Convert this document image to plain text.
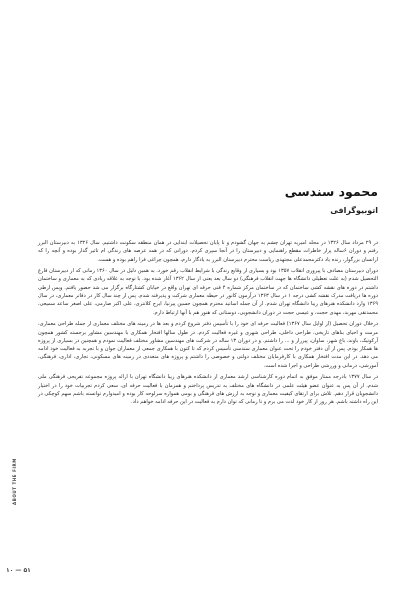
محمود سندسی
اتوبیوگرافی

در ۲۹ مرداد سال ۱۳۲۶ در محله امیریه تهران چشم به جهان گشودم و تا پایان تحصیلات ابتدایی در همان منطقه سکونت داشتیم. سال ۱۳۲۶ به دبیرستان البرز رفتم و دوران ۶ساله پراز خاطرات مقطع راهنمایی و دبیرستان را در آنجا سپری کردم. دورانی که در همه عرصه های زندگی ام تاثیر گذار بوده و آنچه را که ازانسان بزرگوار، زنده یاد دکترمحمدعلی مجتهدی ریاست محترم دبیرستان البرز به یادگار دارم، همچون چراغی فرا راهم بوده و هست.

دوران دبیرستان مصادف با پیروزی انقلاب ۱۳۵۷ بود و بسیاری از وقایع زندگی با شرایط انقلاب رقم خورد. به همین دلیل در سال ۱۳۶۰ زمانی که از دبیرستان فارغ التحصیل شدم (به علت تعطیلی دانشگاه ها جهت انقلاب فرهنگی) دو سال بعد یعنی از سال ۱۳۶۲ آغاز شده بود. با توجه به علاقه زیادی که به معماری و ساختمان داشتم در دوره های نقشه کشی ساختمان که در ساختمان مرکز شماره ۴ فنی حرفه ای تهران واقع در خیابان کشتارگاه برگزار می شد حضور یافتم. وپس ازطی دوره ها دریافت مدرک نقشه کشی درجه ۱ در سال ۱۳۶۳ درآزمون کانور در حیطه معماری شرکت و پذیرفته شدم. پس از چند سال کار در دفاتر معماری، در سال ۱۳۶۹ وارد دانشکده هنرهای زیبا دانشگاه تهران شدم. از آن جمله اساتید محترم همچون حسین پیرنیا، ایرج کلانتری، علی اکبر صارمی، علی اصغر ساعد سمیعی، محمدتقی مهربد، مهدی حجت، و عیسی حجت در دوران دانشجویی، دوستانی که هنوز هم با آنها ارتباط دارم.

درخلال دوران تحصیل (از اوایل سال ۱۳۶۷) فعالیت حرفه ای خود را با تأسیس دفتر شروع کردم و بعد ها در زمینه های مختلف معماری از جمله طراحی معماری، مرمت و احیای بناهای تاریخی، طراحی داخلی، طراحی شهری و غیره فعالیت کردم. در طول سالها افتخار همکاری با مهندسین مشاور برجسته کشور همچون آرکوتیک، باوند، باغ شهر، ساوان، پیرراز و ... را داشتم. و در دوران ۱۳ ساله در شرکت های مهندسین مشاور مختلف فعالیت نمودم و همچنین در بسیاری از پروژه ها همکار بودم. پس از آن دفتر خودم را تحت عنوان معماری سندسی تأسیس کردم که تا کنون با همکاری جمعی از معماران جوان و با تجربه به فعالیت خود ادامه می دهد. در این مدت افتخار همکاری با کارفرمایان مختلف دولتی و خصوصی را داشتم و پروژه های متعددی در زمینه های مسکونی، تجاری، اداری، فرهنگی، آموزشی، درمانی و ورزشی طراحی و اجرا شده است.

در سال ۱۳۷۷ بادرجه ممتاز موفق به اتمام دوره کارشناسی ارشد معماری از دانشکده هنرهای زیبا دانشگاه تهران با ارائه پروژه مجموعه تفریحی فرهنگی ملی شدم. از آن پس به عنوان عضو هیئت علمی در دانشگاه های مختلف به تدریس پرداختم و همزمان با فعالیت حرفه ای، سعی کردم تجربیات خود را در اختیار دانشجویان قرار دهم. تلاش برای ارتقای کیفیت معماری و توجه به ارزش های فرهنگی و بومی همواره سرلوحه کار بوده و امیدوارم توانسته باشم سهم کوچکی در این راه داشته باشم. هر روز از کار خود لذت می برم و تا زمانی که توان دارم به فعالیت در این حرفه ادامه خواهم داد.

ABOUT THE FIRM
۱۰ — ۵۱
